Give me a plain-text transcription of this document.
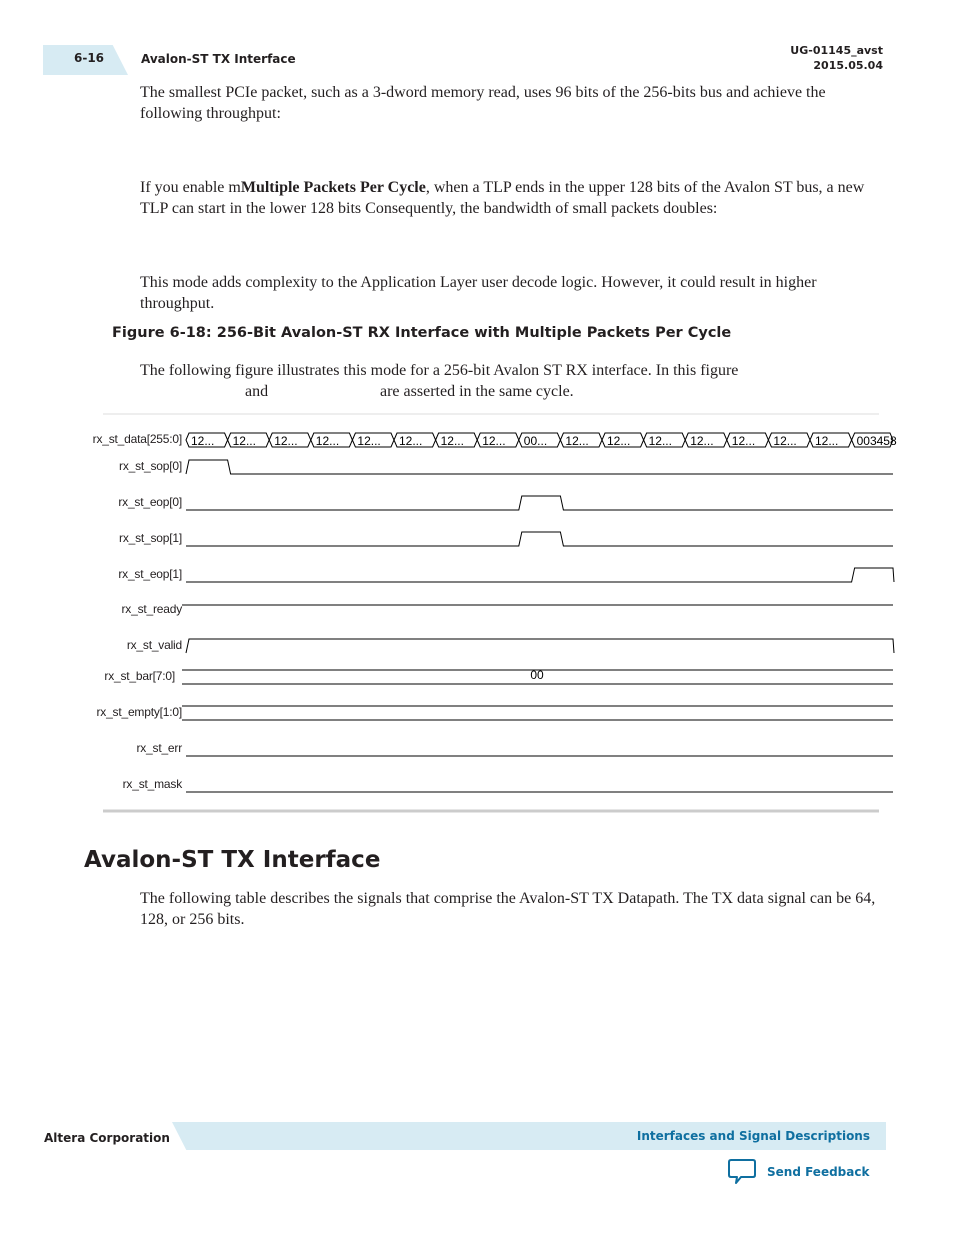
6-16	Avalon-ST TX Interface
UG-01145_avst
2015.05.04
The smallest PCIe packet, such as a 3-dword memory read, uses 96 bits of the 256-bits bus and achieve the following throughput:
If you enable mMultiple Packets Per Cycle, when a TLP ends in the upper 128 bits of the Avalon ST bus, a new TLP can start in the lower 128 bits Consequently, the bandwidth of small packets doubles:
This mode adds complexity to the Application Layer user decode logic. However, it could result in higher throughput.
Figure 6-18: 256-Bit Avalon-ST RX Interface with Multiple Packets Per Cycle
The following figure illustrates this mode for a 256-bit Avalon ST RX interface. In this figure
and	are asserted in the same cycle.
rx_st_data[255:0]
rx_st_sop[0]
rx_st_eop[0]
rx_st_sop[1]
rx_st_eop[1]
rx_st_ready
rx_st_valid
rx_st_bar[7:0]
rx_st_empty[1:0]
rx_st_err
rx_st_mask
12... 12... 12... 12... 12... 12... 12... 12... 00... 12... 12... 12... 12... 12... 12... 12... 003458
00
Avalon-ST TX Interface
The following table describes the signals that comprise the Avalon-ST TX Datapath. The TX data signal can be 64, 128, or 256 bits.
Altera Corporation	Interfaces and Signal Descriptions
Send Feedback
